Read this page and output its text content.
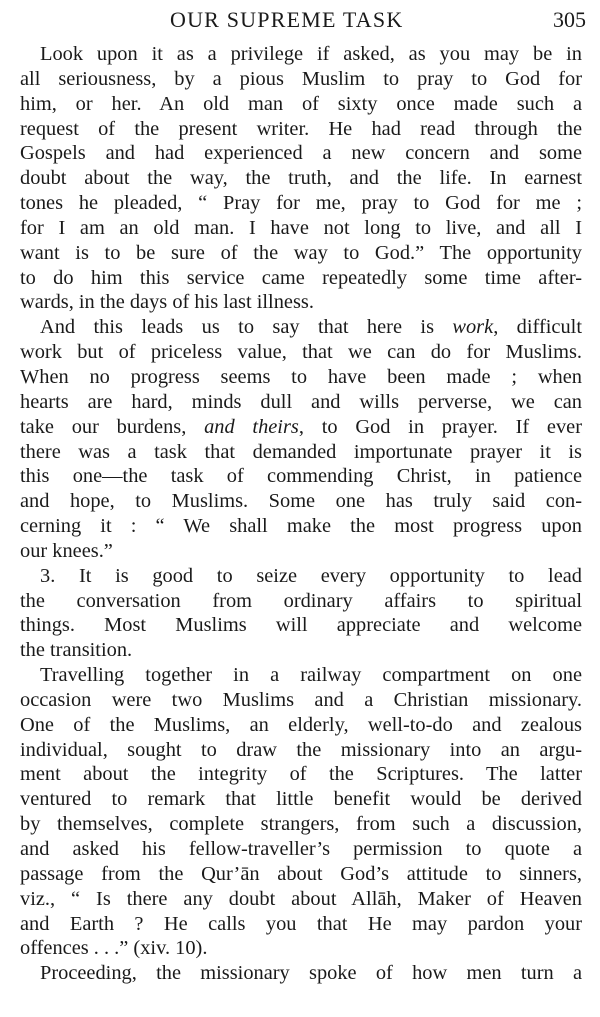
OUR SUPREME TASK	305
Look upon it as a privilege if asked, as you may be in
all seriousness, by a pious Muslim to pray to God for
him, or her. An old man of sixty once made such a
request of the present writer. He had read through the
Gospels and had experienced a new concern and some
doubt about the way, the truth, and the life. In earnest
tones he pleaded, “ Pray for me, pray to God for me ;
for I am an old man. I have not long to live, and all I
want is to be sure of the way to God.” The opportunity
to do him this service came repeatedly some time after-
wards, in the days of his last illness.
And this leads us to say that here is work, difficult
work but of priceless value, that we can do for Muslims.
When no progress seems to have been made ; when
hearts are hard, minds dull and wills perverse, we can
take our burdens, and theirs, to God in prayer. If ever
there was a task that demanded importunate prayer it is
this one—the task of commending Christ, in patience
and hope, to Muslims. Some one has truly said con-
cerning it : “ We shall make the most progress upon
our knees.”
3. It is good to seize every opportunity to lead
the conversation from ordinary affairs to spiritual
things. Most Muslims will appreciate and welcome
the transition.
Travelling together in a railway compartment on one
occasion were two Muslims and a Christian missionary.
One of the Muslims, an elderly, well-to-do and zealous
individual, sought to draw the missionary into an argu-
ment about the integrity of the Scriptures. The latter
ventured to remark that little benefit would be derived
by themselves, complete strangers, from such a discussion,
and asked his fellow-traveller’s permission to quote a
passage from the Qur’ān about God’s attitude to sinners,
viz., “ Is there any doubt about Allāh, Maker of Heaven
and Earth ? He calls you that He may pardon your
offences . . .” (xiv. 10).
Proceeding, the missionary spoke of how men turn a
